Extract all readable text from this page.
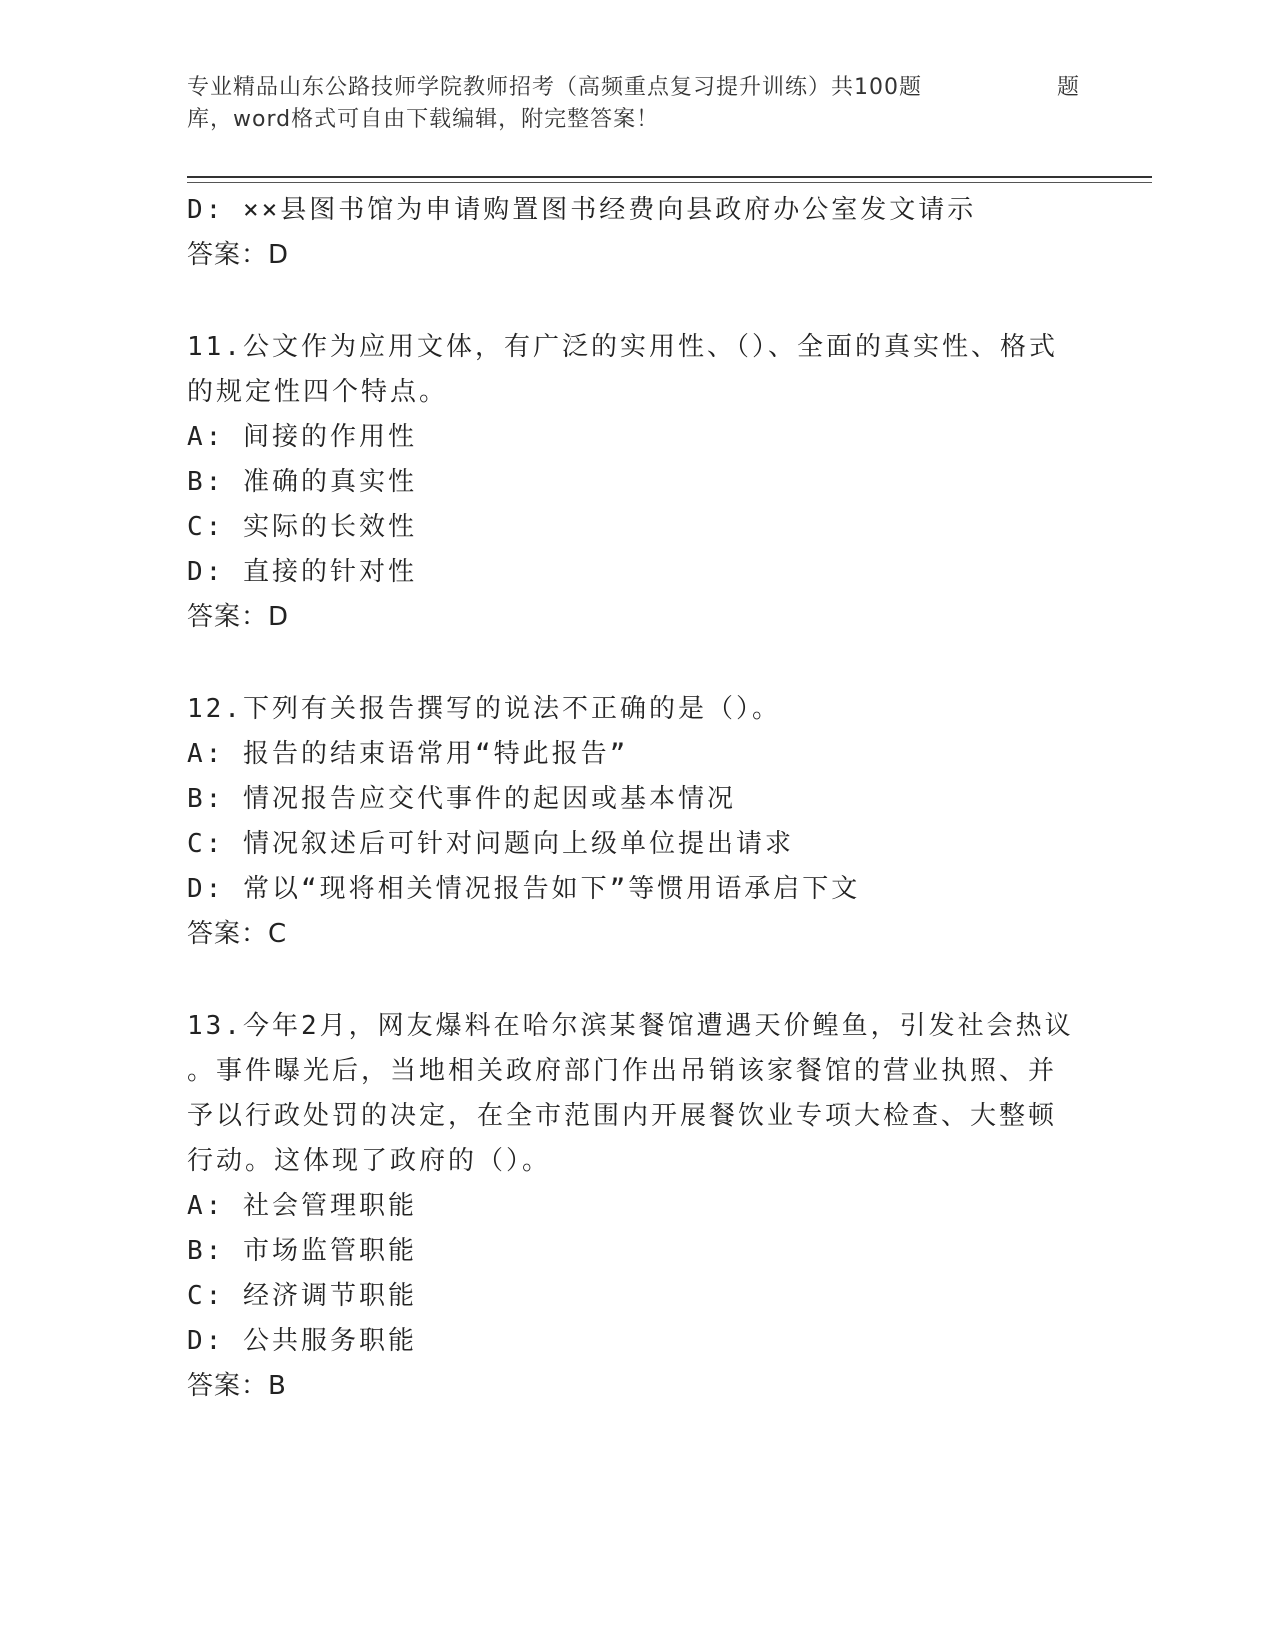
专业精品山东公路技师学院教师招考（高频重点复习提升训练）共100题	题
库，word格式可自由下载编辑，附完整答案！
D: ××县图书馆为申请购置图书经费向县政府办公室发文请示
答案：D
11.公文作为应用文体，有广泛的实用性、（）、全面的真实性、格式
的规定性四个特点。
A: 间接的作用性
B: 准确的真实性
C: 实际的长效性
D: 直接的针对性
答案：D
12.下列有关报告撰写的说法不正确的是（）。
A: 报告的结束语常用“特此报告”
B: 情况报告应交代事件的起因或基本情况
C: 情况叙述后可针对问题向上级单位提出请求
D: 常以“现将相关情况报告如下”等惯用语承启下文
答案：C
13.今年2月，网友爆料在哈尔滨某餐馆遭遇天价鳇鱼，引发社会热议
。事件曝光后，当地相关政府部门作出吊销该家餐馆的营业执照、并
予以行政处罚的决定，在全市范围内开展餐饮业专项大检查、大整顿
行动。这体现了政府的（）。
A: 社会管理职能
B: 市场监管职能
C: 经济调节职能
D: 公共服务职能
答案：B
